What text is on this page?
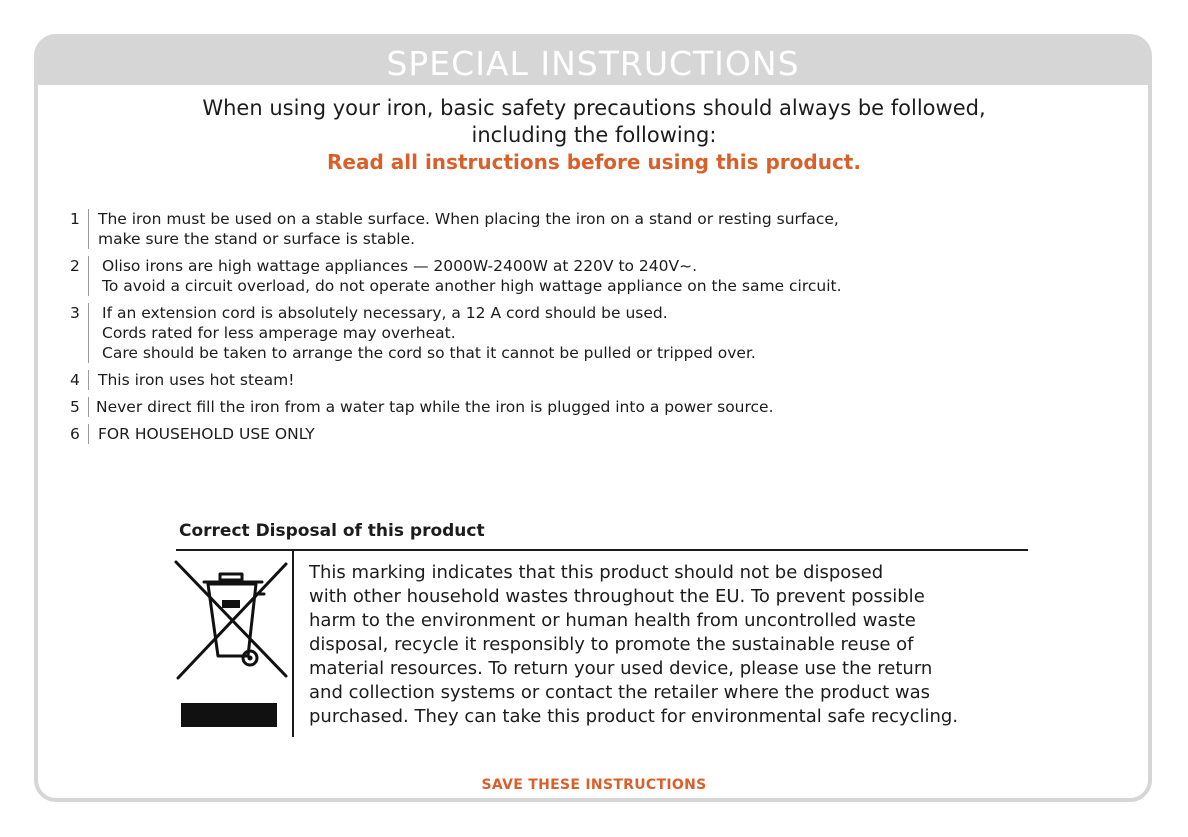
SPECIAL INSTRUCTIONS
When using your iron, basic safety precautions should always be followed,
including the following:
Read all instructions before using this product.
1	The iron must be used on a stable surface. When placing the iron on a stand or resting surface,
make sure the stand or surface is stable.
2	Oliso irons are high wattage appliances — 2000W-2400W at 220V to 240V~.
To avoid a circuit overload, do not operate another high wattage appliance on the same circuit.
3	If an extension cord is absolutely necessary, a 12 A cord should be used.
Cords rated for less amperage may overheat.
Care should be taken to arrange the cord so that it cannot be pulled or tripped over.
4	This iron uses hot steam!
5	Never direct fill the iron from a water tap while the iron is plugged into a power source.
6	FOR HOUSEHOLD USE ONLY
Correct Disposal of this product
This marking indicates that this product should not be disposed
with other household wastes throughout the EU. To prevent possible
harm to the environment or human health from uncontrolled waste
disposal, recycle it responsibly to promote the sustainable reuse of
material resources. To return your used device, please use the return
and collection systems or contact the retailer where the product was
purchased. They can take this product for environmental safe recycling.
SAVE THESE INSTRUCTIONS
